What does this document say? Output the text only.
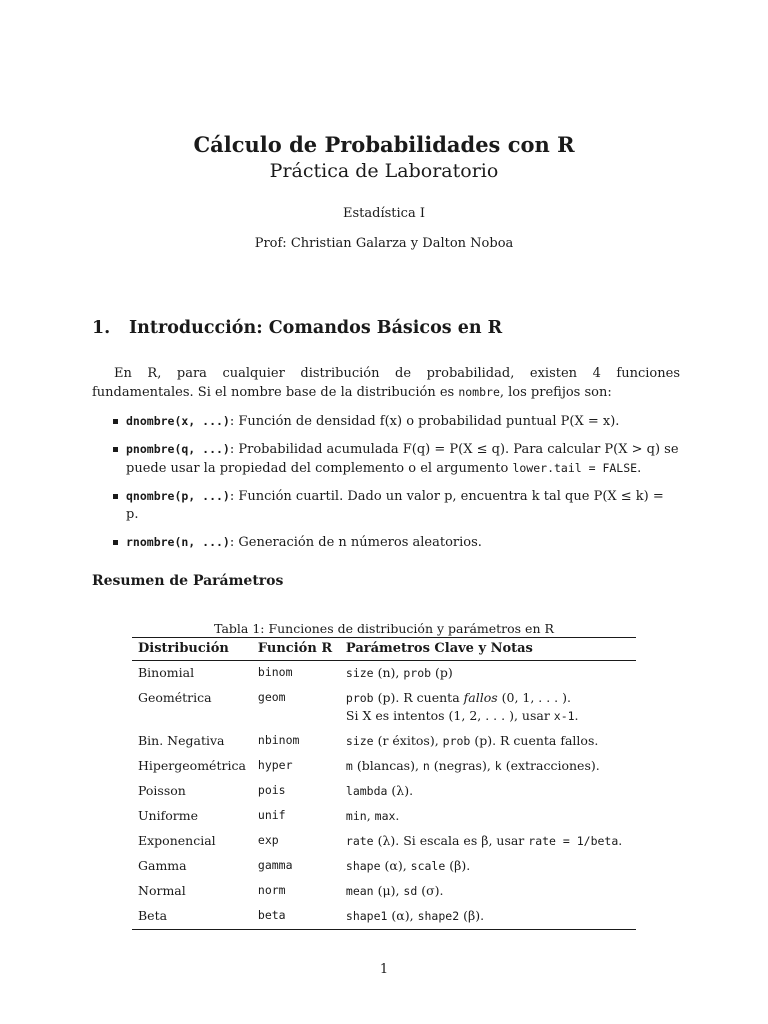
Cálculo de Probabilidades con R
Práctica de Laboratorio
Estadística I
Prof: Christian Galarza y Dalton Noboa
1. Introducción: Comandos Básicos en R
En R, para cualquier distribución de probabilidad, existen 4 funciones fundamentales. Si el nombre base de la distribución es nombre, los prefijos son:
dnombre(x, ...): Función de densidad f(x) o probabilidad puntual P(X = x).
pnombre(q, ...): Probabilidad acumulada F(q) = P(X ≤ q). Para calcular P(X > q) se puede usar la propiedad del complemento o el argumento lower.tail = FALSE.
qnombre(p, ...): Función cuartil. Dado un valor p, encuentra k tal que P(X ≤ k) = p.
rnombre(n, ...): Generación de n números aleatorios.
Resumen de Parámetros
Tabla 1: Funciones de distribución y parámetros en R
Distribución	Función R	Parámetros Clave y Notas
Binomial	binom	size (n), prob (p)
Geométrica	geom	prob (p). R cuenta fallos (0, 1, . . . ).
Si X es intentos (1, 2, . . . ), usar x-1.
Bin. Negativa	nbinom	size (r éxitos), prob (p). R cuenta fallos.
Hipergeométrica	hyper	m (blancas), n (negras), k (extracciones).
Poisson	pois	lambda (λ).
Uniforme	unif	min, max.
Exponencial	exp	rate (λ). Si escala es β, usar rate = 1/beta.
Gamma	gamma	shape (α), scale (β).
Normal	norm	mean (μ), sd (σ).
Beta	beta	shape1 (α), shape2 (β).
1
